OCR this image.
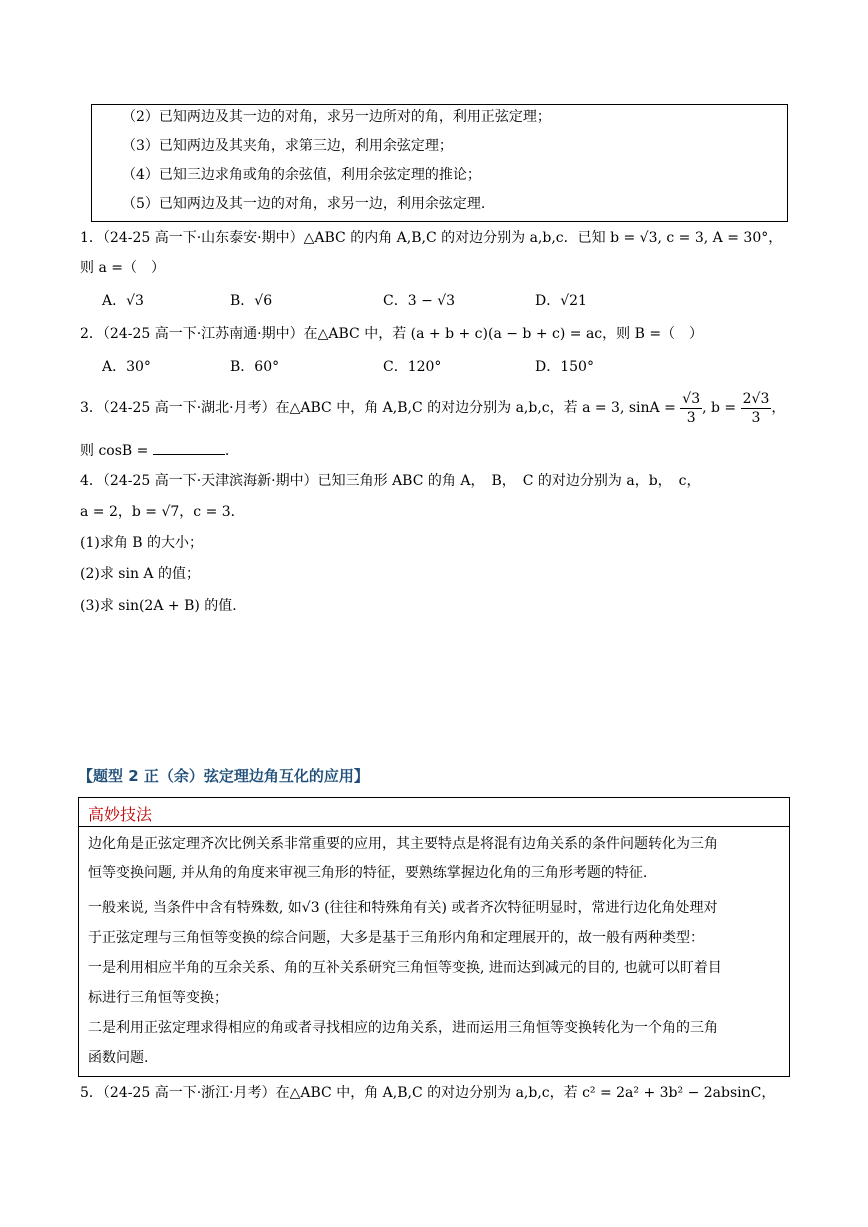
（2）已知两边及其一边的对角，求另一边所对的角，利用正弦定理；
（3）已知两边及其夹角，求第三边，利用余弦定理；
（4）已知三边求角或角的余弦值，利用余弦定理的推论；
（5）已知两边及其一边的对角，求另一边，利用余弦定理.
1．（24-25 高一下·山东泰安·期中）△ABC 的内角 A,B,C 的对边分别为 a,b,c．已知 b = √3, c = 3, A = 30°，
则 a =（　）
A．√3	B．√6	C．3 − √3	D．√21
2．（24-25 高一下·江苏南通·期中）在△ABC 中，若 (a + b + c)(a − b + c) = ac，则 B =（　）
A．30°	B．60°	C．120°	D．150°
3．（24-25 高一下·湖北·月考）在△ABC 中，角 A,B,C 的对边分别为 a,b,c，若 a = 3, $\sin A = \frac{√3}{3}$ , $b = \frac{2√3}{3}$ ，
则 cosB =	.
4．（24-25 高一下·天津滨海新·期中）已知三角形 ABC 的角 A，　B，　C 的对边分别为 a，b，　c，
a = 2，b = √7，c = 3．
(1)求角 B 的大小；
(2)求 sin A 的值；
(3)求 sin(2A + B) 的值.
【题型 2 正（余）弦定理边角互化的应用】
高妙技法
边化角是正弦定理齐次比例关系非常重要的应用，其主要特点是将混有边角关系的条件问题转化为三角
恒等变换问题, 并从角的角度来审视三角形的特征，要熟练掌握边化角的三角形考题的特征.
一般来说, 当条件中含有特殊数, 如√3 (往往和特殊角有关) 或者齐次特征明显时，常进行边化角处理对
于正弦定理与三角恒等变换的综合问题，大多是基于三角形内角和定理展开的，故一般有两种类型：
一是利用相应半角的互余关系、角的互补关系研究三角恒等变换, 进而达到减元的目的, 也就可以盯着目
标进行三角恒等变换；
二是利用正弦定理求得相应的角或者寻找相应的边角关系，进而运用三角恒等变换转化为一个角的三角
函数问题.
5．（24-25 高一下·浙江·月考）在△ABC 中，角 A,B,C 的对边分别为 a,b,c，若 c² = 2a² + 3b² − 2absinC，
